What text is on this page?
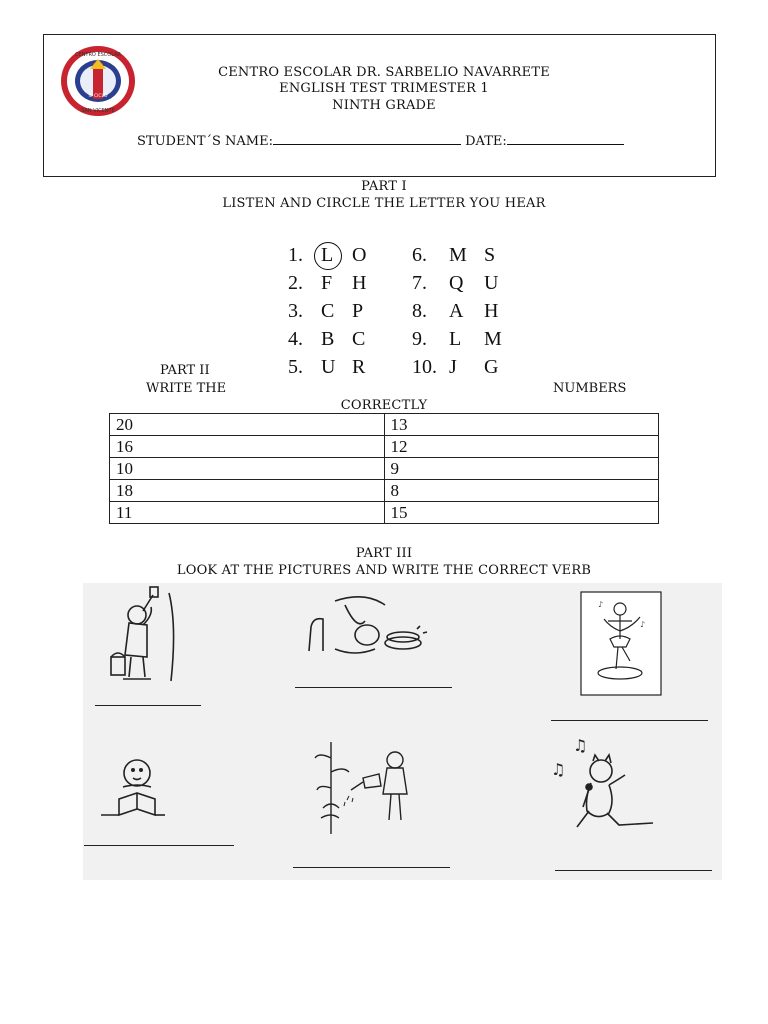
CENTRO ESCOLAR
SAN VICENTE
III CICLO
CENTRO ESCOLAR DR. SARBELIO NAVARRETE
ENGLISH TEST TRIMESTER 1
NINTH GRADE
STUDENT´S NAME:	DATE:
PART I
LISTEN AND CIRCLE THE LETTER YOU HEAR
1. L O 6. M S
2. F H 7. Q U
3. C P 8. A H
4. B C 9. L M
5. U R 10. J G
PART II
WRITE THE	NUMBERS
CORRECTLY
20	13
16	12
10	9
18	8
11	15
PART III
LOOK AT THE PICTURES AND WRITE THE CORRECT VERB
♪
♪
♫
♫
